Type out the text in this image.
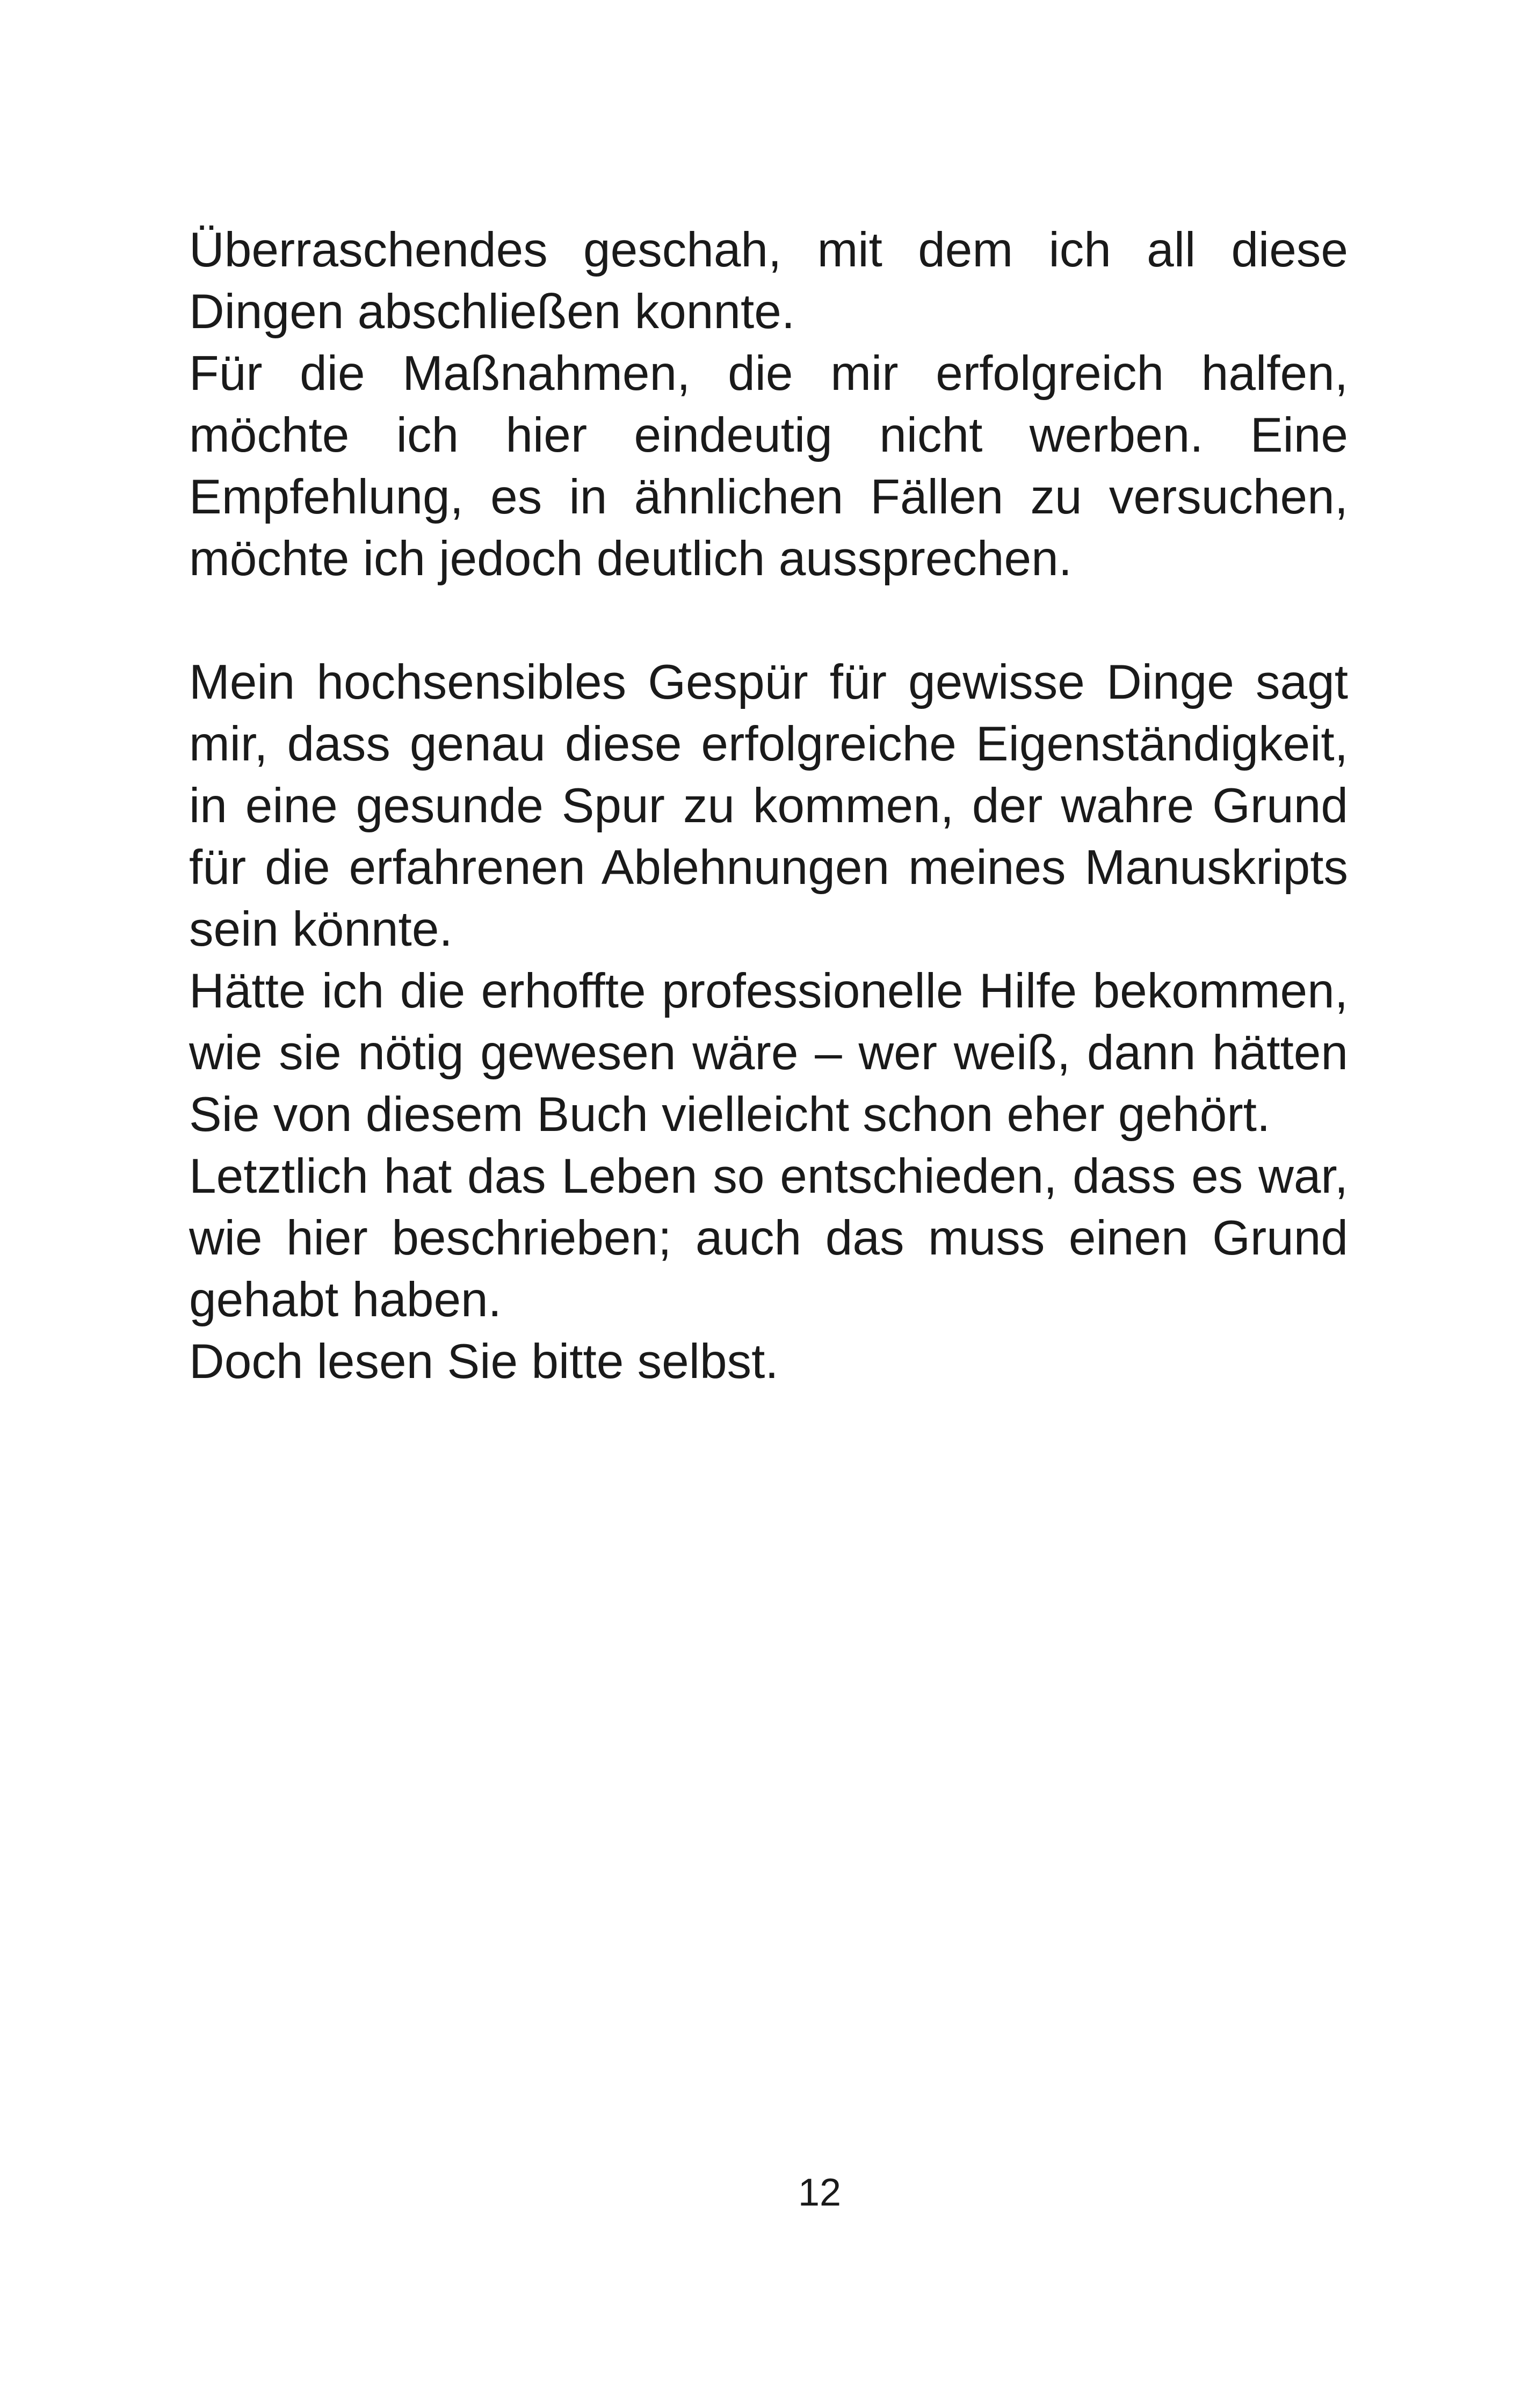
Überraschendes geschah, mit dem ich all diese Dingen abschließen konnte.

Für die Maßnahmen, die mir erfolgreich halfen, möchte ich hier eindeutig nicht werben. Eine Empfehlung, es in ähnlichen Fällen zu versuchen, möchte ich jedoch deutlich aussprechen.

Mein hochsensibles Gespür für gewisse Dinge sagt mir, dass genau diese erfolgreiche Eigenständigkeit, in eine gesunde Spur zu kommen, der wahre Grund für die erfahrenen Ablehnungen meines Manuskripts sein könnte.

Hätte ich die erhoffte professionelle Hilfe bekommen, wie sie nötig gewesen wäre – wer weiß, dann hätten Sie von diesem Buch vielleicht schon eher gehört.

Letztlich hat das Leben so entschieden, dass es war, wie hier beschrieben; auch das muss einen Grund gehabt haben.

Doch lesen Sie bitte selbst.

12
